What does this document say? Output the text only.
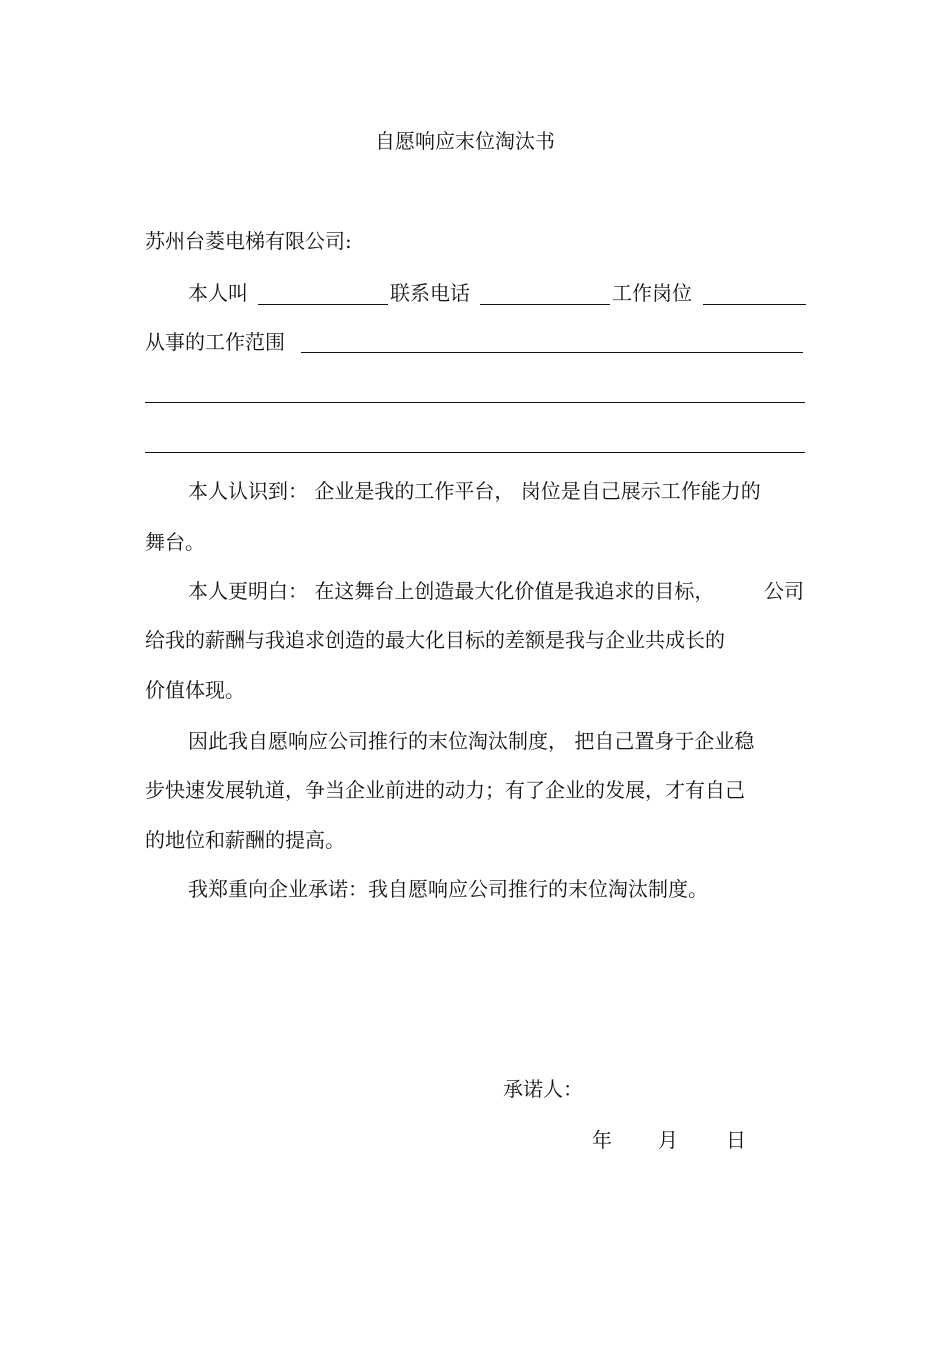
自愿响应末位淘汰书
苏州台菱电梯有限公司:
本人叫	联系电话	工作岗位
从事的工作范围
本人认识到： 企业是我的工作平台， 岗位是自己展示工作能力的
舞台。
本人更明白： 在这舞台上创造最大化价值是我追求的目标， 公司
给我的薪酬与我追求创造的最大化目标的差额是我与企业共成长的
价值体现。
因此我自愿响应公司推行的末位淘汰制度， 把自己置身于企业稳
步快速发展轨道，争当企业前进的动力；有了企业的发展，才有自己
的地位和薪酬的提高。
我郑重向企业承诺：我自愿响应公司推行的末位淘汰制度。
承诺人：
年 月 日
